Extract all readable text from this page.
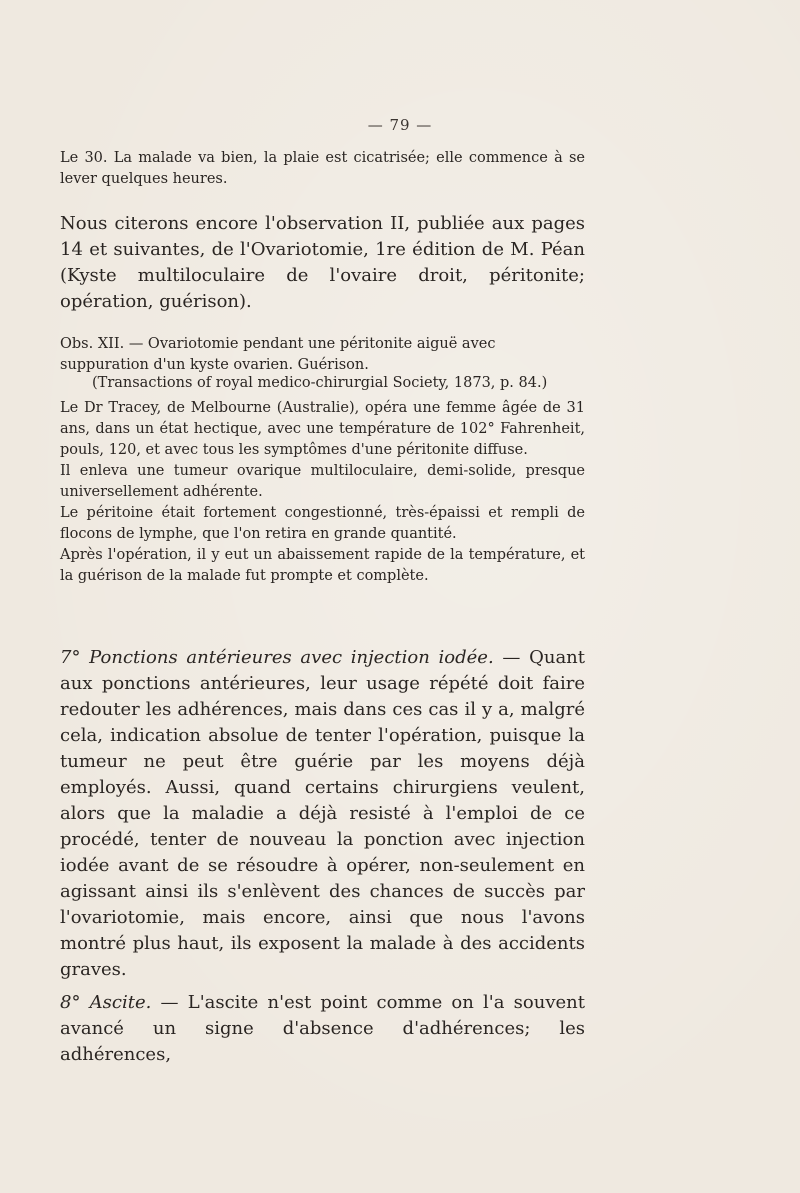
— 79 —

Le 30. La malade va bien, la plaie est cicatrisée; elle commence à se lever quelques heures.

Nous citerons encore l'observation II, publiée aux pages 14 et suivantes, de l'Ovariotomie, 1re édition de M. Péan (Kyste multiloculaire de l'ovaire droit, péritonite; opération, guérison).

Obs. XII. — Ovariotomie pendant une péritonite aiguë avec suppuration d'un kyste ovarien. Guérison.
(Transactions of royal medico-chirurgial Society, 1873, p. 84.)
Le Dr Tracey, de Melbourne (Australie), opéra une femme âgée de 31 ans, dans un état hectique, avec une température de 102° Fahrenheit, pouls, 120, et avec tous les symptômes d'une péritonite diffuse.
Il enleva une tumeur ovarique multiloculaire, demi-solide, presque universellement adhérente.
Le péritoine était fortement congestionné, très-épaissi et rempli de flocons de lymphe, que l'on retira en grande quantité.
Après l'opération, il y eut un abaissement rapide de la température, et la guérison de la malade fut prompte et complète.

7° Ponctions antérieures avec injection iodée. — Quant aux ponctions antérieures, leur usage répété doit faire redouter les adhérences, mais dans ces cas il y a, malgré cela, indication absolue de tenter l'opération, puisque la tumeur ne peut être guérie par les moyens déjà employés. Aussi, quand certains chirurgiens veulent, alors que la maladie a déjà resisté à l'emploi de ce procédé, tenter de nouveau la ponction avec injection iodée avant de se résoudre à opérer, non-seulement en agissant ainsi ils s'enlèvent des chances de succès par l'ovariotomie, mais encore, ainsi que nous l'avons montré plus haut, ils exposent la malade à des accidents graves.

8° Ascite. — L'ascite n'est point comme on l'a souvent avancé un signe d'absence d'adhérences; les adhérences,
